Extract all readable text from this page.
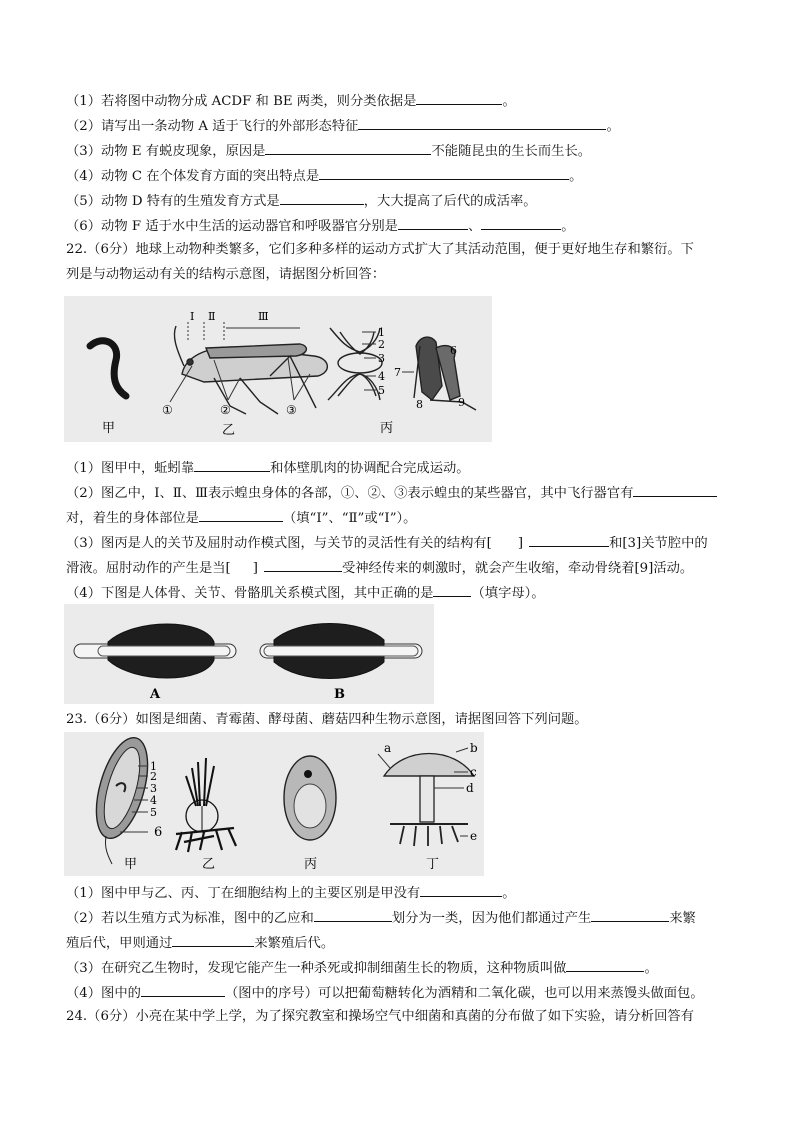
（1）若将图中动物分成 ACDF 和 BE 两类，则分类依据是	。
（2）请写出一条动物 A 适于飞行的外部形态特征	。
（3）动物 E 有蜕皮现象，原因是	不能随昆虫的生长而生长。
（4）动物 C 在个体发育方面的突出特点是	。
（5）动物 D 特有的生殖发育方式是	，大大提高了后代的成活率。
（6）动物 F 适于水中生活的运动器官和呼吸器官分别是	、	。
22.（6分）地球上动物种类繁多，它们多种多样的运动方式扩大了其活动范围，便于更好地生存和繁衍。下
列是与动物运动有关的结构示意图，请据图分析回答：
甲
Ⅰ Ⅱ	Ⅲ
①	②	③
乙
1
2
3
4
5
丙
7
6
8	9
（1）图甲中，蚯蚓靠	和体壁肌肉的协调配合完成运动。
（2）图乙中，Ⅰ、Ⅱ、Ⅲ表示蝗虫身体的各部，①、②、③表示蝗虫的某些器官，其中飞行器官有
对，着生的身体部位是	（填“Ⅰ”、“Ⅱ”或“Ⅰ”）。
（3）图丙是人的关节及屈肘动作模式图，与关节的灵活性有关的结构有[ ]	和[3]关节腔中的
滑液。屈肘动作的产生是当[ ]	受神经传来的刺激时，就会产生收缩，牵动骨绕着[9]活动。
（4）下图是人体骨、关节、骨骼肌关系模式图，其中正确的是	（填字母）。
A	B
23.（6分）如图是细菌、青霉菌、酵母菌、蘑菇四种生物示意图，请据图回答下列问题。
1
2
3
4
5
6
甲	乙	丙
a	b
c
d
e
丁
（1）图中甲与乙、丙、丁在细胞结构上的主要区别是甲没有	。
（2）若以生殖方式为标准，图中的乙应和	划分为一类，因为他们都通过产生	来繁
殖后代，甲则通过	来繁殖后代。
（3）在研究乙生物时，发现它能产生一种杀死或抑制细菌生长的物质，这种物质叫做	。
（4）图中的	（图中的序号）可以把葡萄糖转化为酒精和二氧化碳，也可以用来蒸馒头做面包。
24.（6分）小亮在某中学上学，为了探究教室和操场空气中细菌和真菌的分布做了如下实验，请分析回答有
